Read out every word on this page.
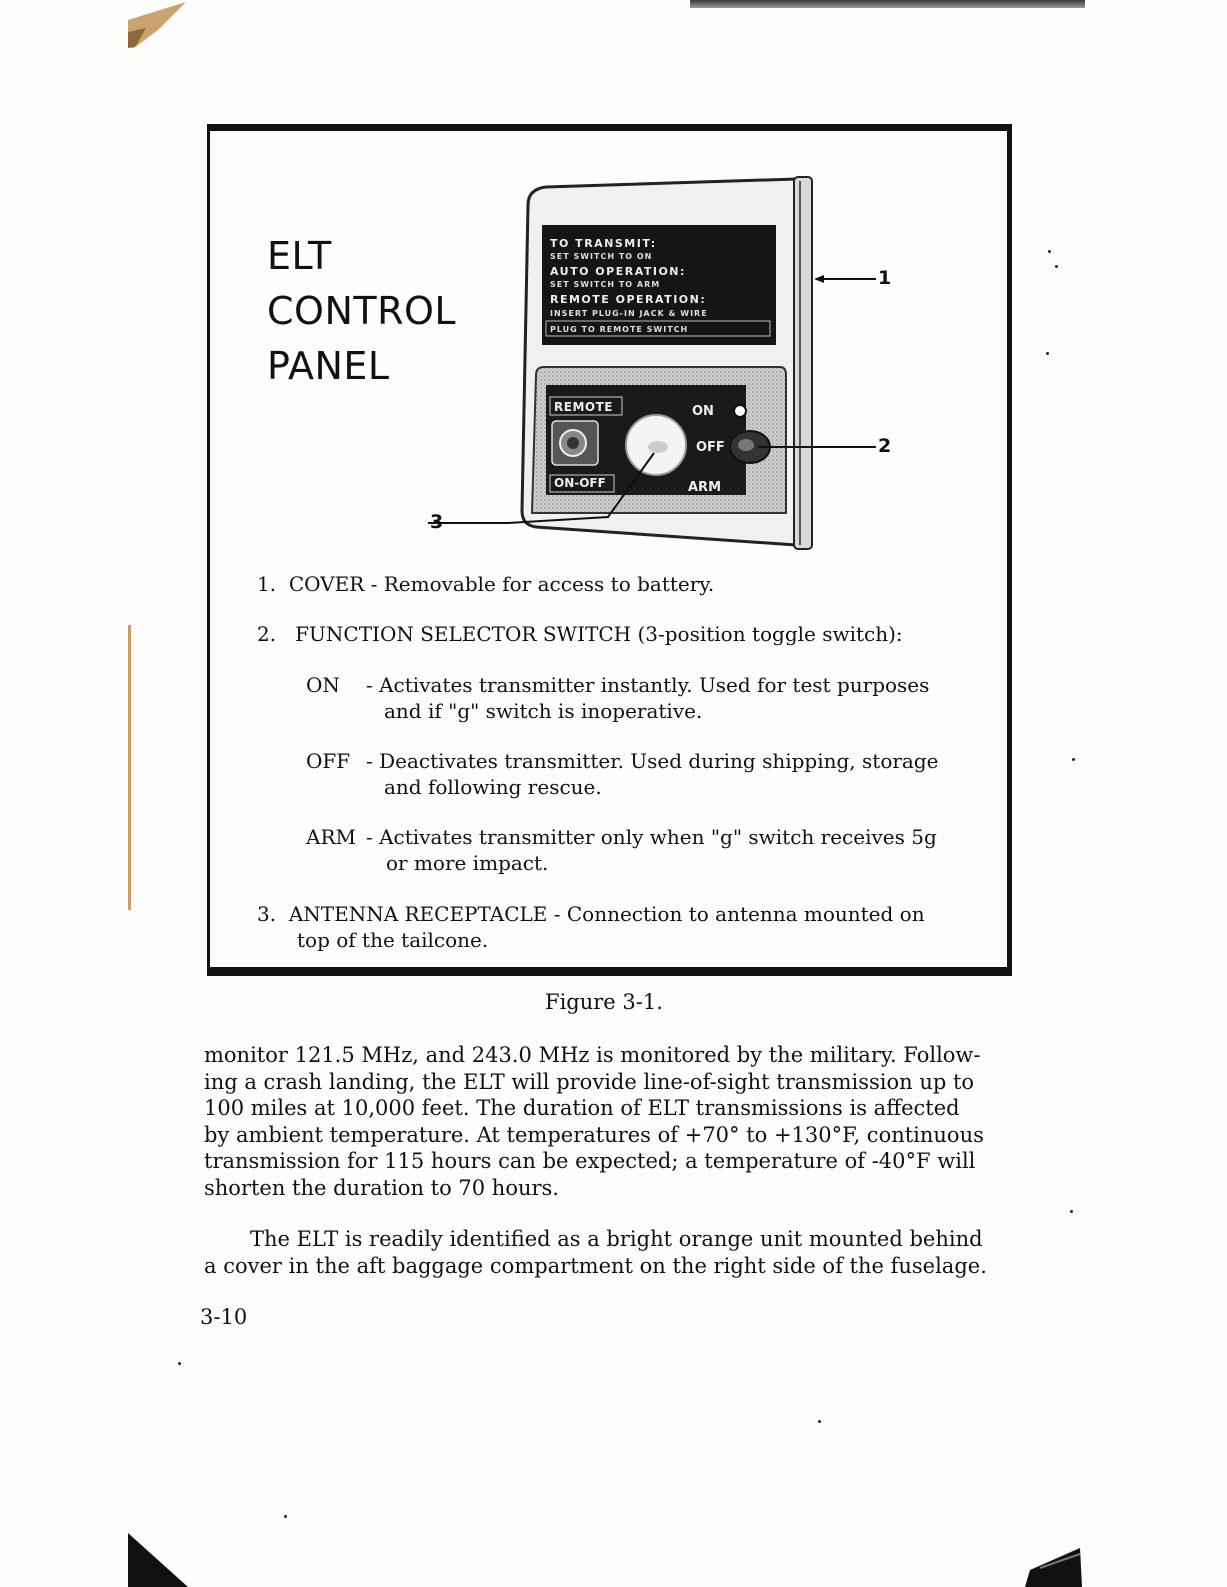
ELT
CONTROL
PANEL
TO TRANSMIT:
SET SWITCH TO ON
AUTO OPERATION:
SET SWITCH TO ARM
REMOTE OPERATION:
INSERT PLUG-IN JACK & WIRE
PLUG TO REMOTE SWITCH
REMOTE
ON-OFF
ON
OFF
ARM
1
2
3
1. COVER - Removable for access to battery.
2. FUNCTION SELECTOR SWITCH (3-position toggle switch):
ON - Activates transmitter instantly. Used for test purposes
and if "g" switch is inoperative.
OFF - Deactivates transmitter. Used during shipping, storage
and following rescue.
ARM - Activates transmitter only when "g" switch receives 5g
or more impact.
3. ANTENNA RECEPTACLE - Connection to antenna mounted on
top of the tailcone.
Figure 3-1.
monitor 121.5 MHz, and 243.0 MHz is monitored by the military. Follow-
ing a crash landing, the ELT will provide line-of-sight transmission up to
100 miles at 10,000 feet. The duration of ELT transmissions is affected
by ambient temperature. At temperatures of +70° to +130°F, continuous
transmission for 115 hours can be expected; a temperature of -40°F will
shorten the duration to 70 hours.
The ELT is readily identified as a bright orange unit mounted behind
a cover in the aft baggage compartment on the right side of the fuselage.
3-10
